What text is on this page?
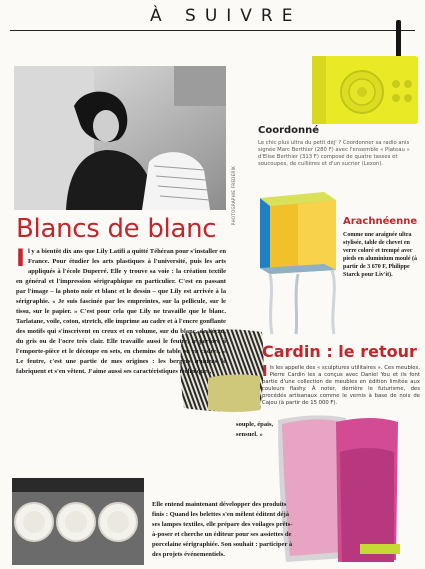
À SUIVRE
PHOTOGRAPHIE FREDERIK
Coordonné
Le chic plus ultra du petit déj' ? Coordonner sa radio anis signée Marc Berthier (280 F) avec l'ensemble « Plateau » d'Elise Berthier (313 F) composé de quatre tasses et soucoupes, de cuillères et d'un sucrier (Lexon).
Arachnéenne
Comme une araignée ultra stylisée, table de chevet en verre coloré et trempé avec pieds en aluminium moulé (à partir de 3 670 F, Philippe Starck pour Liv'it).
Cardin : le retour
I ls les appelle des « sculptures utilitaires ». Ces meubles, Pierre Cardin les a conçus avec Daniel You et ils font partie d'une collection de meubles en édition limitée aux couleurs flashy. À noter, derrière le futurisme, des procédés artisanaux comme le vernis à base de noix de Cajou (à partir de 15 000 F).
Blancs de blanc

Il y a bientôt dix ans que Lily Latifi a quitté Téhéran pour s'installer en France. Pour étudier les arts plastiques à l'université, puis les arts appliqués à l'école Duperré. Elle y trouve sa voie : la création textile en général et l'impression sérigraphique en particulier. C'est en passant par l'image – la photo noir et blanc et le dessin – que Lily est arrivée à la sérigraphie. « Je suis fascinée par les empreintes, sur la pellicule, sur le tissu, sur le papier. » C'est pour cela que Lily ne travaille que le blanc. Tarlatane, voile, coton, stretch, elle imprime au cadre et à l'encre gonflante des motifs qui s'inscrivent en creux et en volume, sur du blanc, de l'écru, du gris ou de l'ocre très clair. Elle travaille aussi le feutre, le perfore à l'emporte-pièce et le découpe en sets, en chemins de table ou en cadres. « Le feutre, c'est une partie de mes origines : les bergers iraniens le fabriquent et s'en vêtent. J'aime aussi ses caractéristiques techniques,

souple, épais, sensuel. »
Elle entend maintenant développer des produits finis : Quand les belettes s'en mêlent éditent déjà ses lampes textiles, elle prépare des voilages prêts-à-poser et cherche un éditeur pour ses assiettes de porcelaine sérigraphiée. Son souhait : participer à des projets événementiels.
